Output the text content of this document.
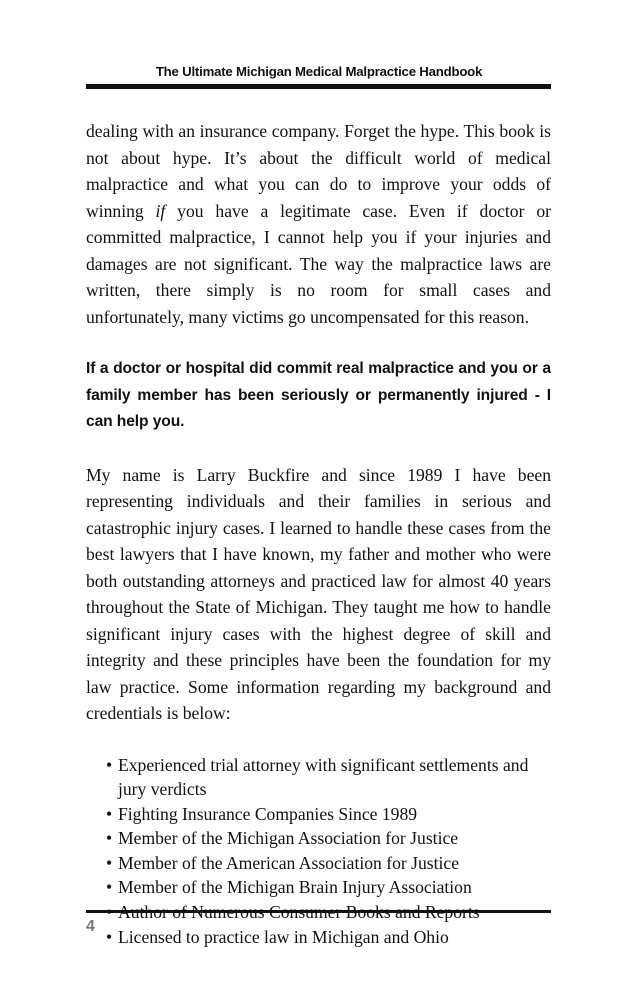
The Ultimate Michigan Medical Malpractice Handbook

dealing with an insurance company. Forget the hype. This book is not about hype. It’s about the difficult world of medical malpractice and what you can do to improve your odds of winning if you have a legitimate case. Even if doctor or committed malpractice, I cannot help you if your injuries and damages are not significant. The way the malpractice laws are written, there simply is no room for small cases and unfortunately, many victims go uncompensated for this reason.

If a doctor or hospital did commit real malpractice and you or a family member has been seriously or permanently injured - I can help you.

My name is Larry Buckfire and since 1989 I have been representing individuals and their families in serious and catastrophic injury cases. I learned to handle these cases from the best lawyers that I have known, my father and mother who were both outstanding attorneys and practiced law for almost 40 years throughout the State of Michigan. They taught me how to handle significant injury cases with the highest degree of skill and integrity and these principles have been the foundation for my law practice. Some information regarding my background and credentials is below:

• Experienced trial attorney with significant settlements and jury verdicts
• Fighting Insurance Companies Since 1989
• Member of the Michigan Association for Justice
• Member of the American Association for Justice
• Member of the Michigan Brain Injury Association
• Licensed to practice law in Michigan and Ohio
4
